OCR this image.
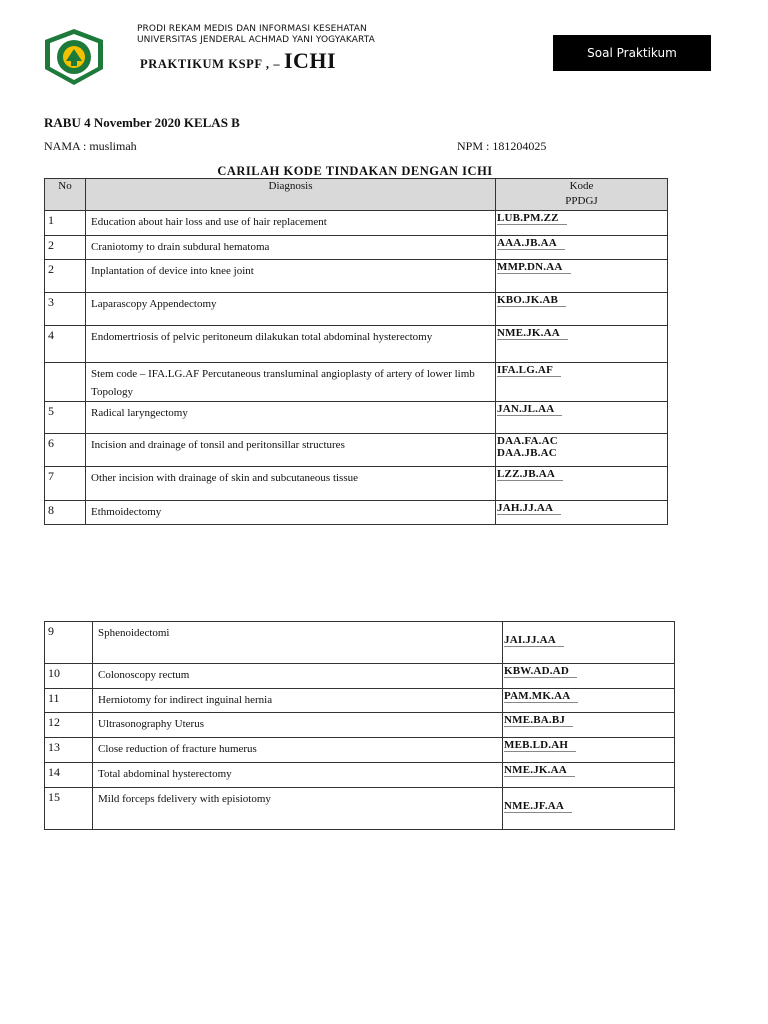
PRODI REKAM MEDIS DAN INFORMASI KESEHATAN
UNIVERSITAS JENDERAL ACHMAD YANI YOGYAKARTA
PRAKTIKUM KSPF , – ICHI	Soal Praktikum
RABU 4 November 2020 KELAS B
NAMA : muslimah	NPM : 181204025
CARILAH KODE TINDAKAN DENGAN ICHI
No	Diagnosis	Kode
PPDGJ

1	Education about hair loss and use of hair replacement	LUB.PM.ZZ
2	Craniotomy to drain subdural hematoma	AAA.JB.AA
2	Inplantation of device into knee joint	MMP.DN.AA
3	Laparascopy Appendectomy	KBO.JK.AB
4	Endomertriosis of pelvic peritoneum dilakukan total abdominal hysterectomy	NME.JK.AA
	Stem code – IFA.LG.AF Percutaneous transluminal angioplasty of artery of lower limb Topology	IFA.LG.AF
5	Radical laryngectomy	JAN.JL.AA
6	Incision and drainage of tonsil and peritonsillar structures	DAA.FA.AC
DAA.JB.AC

7	Other incision with drainage of skin and subcutaneous tissue	LZZ.JB.AA
8	Ethmoidectomy	JAH.JJ.AA
9	Sphenoidectomi	JAI.JJ.AA
10	Colonoscopy rectum	KBW.AD.AD
11	Herniotomy for indirect inguinal hernia	PAM.MK.AA
12	Ultrasonography Uterus	NME.BA.BJ
13	Close reduction of fracture humerus	MEB.LD.AH
14	Total abdominal hysterectomy	NME.JK.AA
15	Mild forceps fdelivery with episiotomy	NME.JF.AA
